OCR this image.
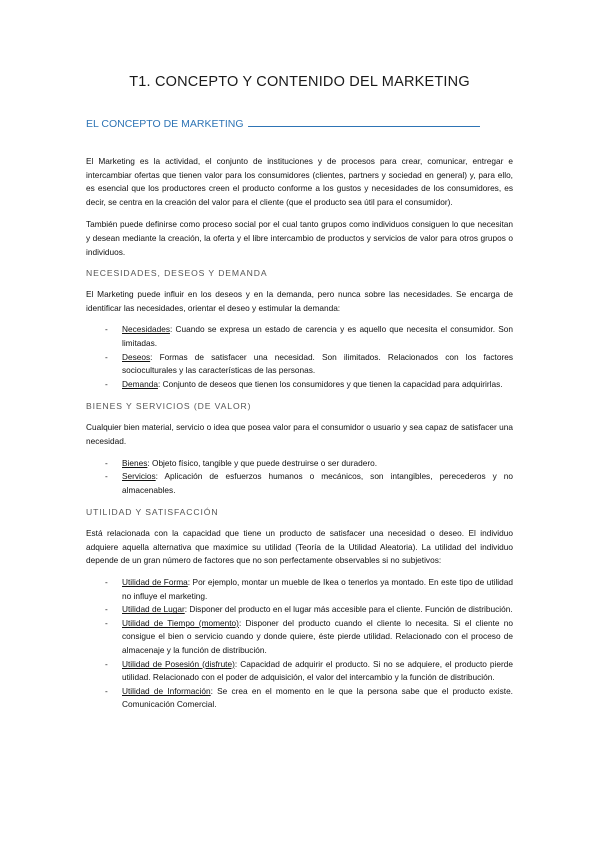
T1. CONCEPTO Y CONTENIDO DEL MARKETING
EL CONCEPTO DE MARKETING

El Marketing es la actividad, el conjunto de instituciones y de procesos para crear, comunicar, entregar e intercambiar ofertas que tienen valor para los consumidores (clientes, partners y sociedad en general) y, para ello, es esencial que los productores creen el producto conforme a los gustos y necesidades de los consumidores, es decir, se centra en la creación del valor para el cliente (que el producto sea útil para el consumidor).

También puede definirse como proceso social por el cual tanto grupos como individuos consiguen lo que necesitan y desean mediante la creación, la oferta y el libre intercambio de productos y servicios de valor para otros grupos o individuos.

NECESIDADES, DESEOS Y DEMANDA

El Marketing puede influir en los deseos y en la demanda, pero nunca sobre las necesidades. Se encarga de identificar las necesidades, orientar el deseo y estimular la demanda:

- Necesidades: Cuando se expresa un estado de carencia y es aquello que necesita el consumidor. Son limitadas.
- Deseos: Formas de satisfacer una necesidad. Son ilimitados. Relacionados con los factores socioculturales y las características de las personas.
- Demanda: Conjunto de deseos que tienen los consumidores y que tienen la capacidad para adquirirlas.
BIENES Y SERVICIOS (DE VALOR)

Cualquier bien material, servicio o idea que posea valor para el consumidor o usuario y sea capaz de satisfacer una necesidad.

- Bienes: Objeto físico, tangible y que puede destruirse o ser duradero.
- Servicios: Aplicación de esfuerzos humanos o mecánicos, son intangibles, perecederos y no almacenables.
UTILIDAD Y SATISFACCIÓN

Está relacionada con la capacidad que tiene un producto de satisfacer una necesidad o deseo. El individuo adquiere aquella alternativa que maximice su utilidad (Teoría de la Utilidad Aleatoria). La utilidad del individuo depende de un gran número de factores que no son perfectamente observables si no subjetivos:

- Utilidad de Forma: Por ejemplo, montar un mueble de Ikea o tenerlos ya montado. En este tipo de utilidad no influye el marketing.
- Utilidad de Lugar: Disponer del producto en el lugar más accesible para el cliente. Función de distribución.
- Utilidad de Tiempo (momento): Disponer del producto cuando el cliente lo necesita. Si el cliente no consigue el bien o servicio cuando y donde quiere, éste pierde utilidad. Relacionado con el proceso de almacenaje y la función de distribución.
- Utilidad de Posesión (disfrute): Capacidad de adquirir el producto. Si no se adquiere, el producto pierde utilidad. Relacionado con el poder de adquisición, el valor del intercambio y la función de distribución.
- Utilidad de Información: Se crea en el momento en le que la persona sabe que el producto existe. Comunicación Comercial.
